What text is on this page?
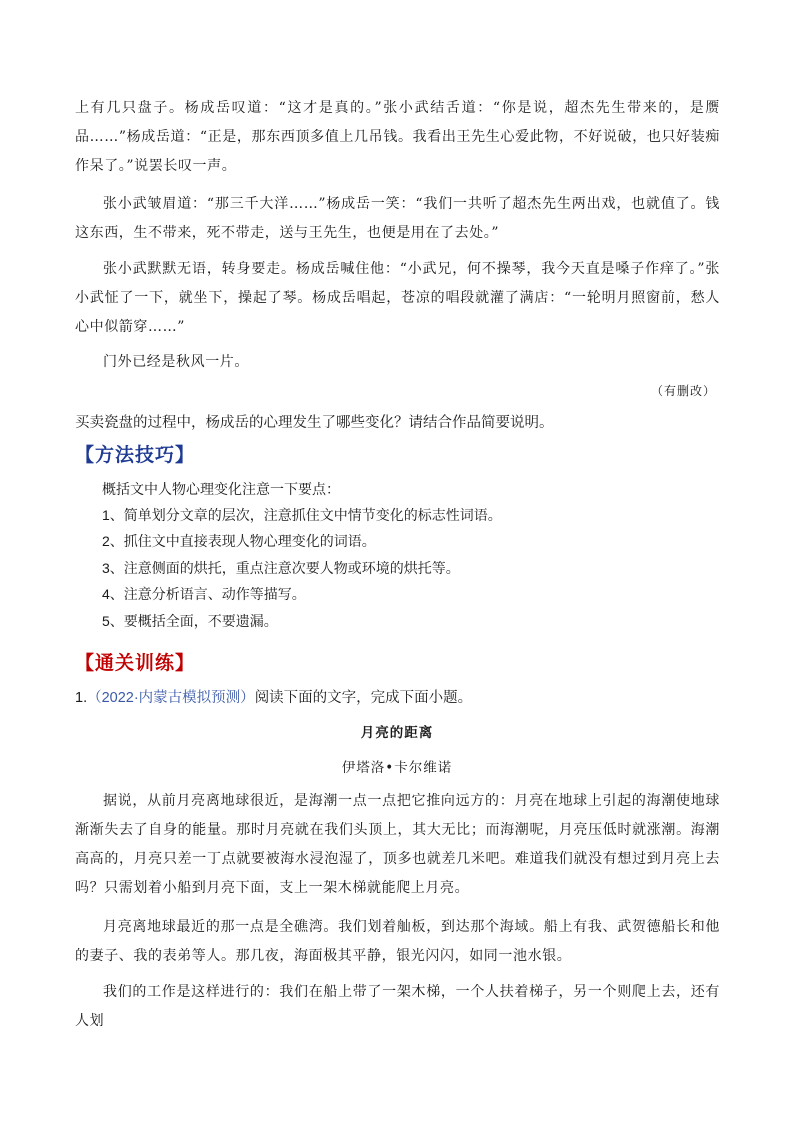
上有几只盘子。杨成岳叹道：“这才是真的。”张小武结舌道：“你是说，超杰先生带来的，是赝品……”杨成岳道：“正是，那东西顶多值上几吊钱。我看出王先生心爱此物，不好说破，也只好装痴作呆了。”说罢长叹一声。
张小武皱眉道：“那三千大洋……”杨成岳一笑：“我们一共听了超杰先生两出戏，也就值了。钱这东西，生不带来，死不带走，送与王先生，也便是用在了去处。”
张小武默默无语，转身要走。杨成岳喊住他：“小武兄，何不操琴，我今天直是嗓子作痒了。”张小武怔了一下，就坐下，操起了琴。杨成岳唱起，苍凉的唱段就灌了满店：“一轮明月照窗前，愁人心中似箭穿……”
门外已经是秋风一片。
（有删改）
买卖瓷盘的过程中，杨成岳的心理发生了哪些变化？请结合作品简要说明。
【方法技巧】
概括文中人物心理变化注意一下要点：
1、简单划分文章的层次，注意抓住文中情节变化的标志性词语。
2、抓住文中直接表现人物心理变化的词语。
3、注意侧面的烘托，重点注意次要人物或环境的烘托等。
4、注意分析语言、动作等描写。
5、要概括全面，不要遗漏。
【通关训练】
1.（2022·内蒙古模拟预测）阅读下面的文字，完成下面小题。
月亮的距离
伊塔洛•卡尔维诺
据说，从前月亮离地球很近，是海潮一点一点把它推向远方的：月亮在地球上引起的海潮使地球渐渐失去了自身的能量。那时月亮就在我们头顶上，其大无比；而海潮呢，月亮压低时就涨潮。海潮高高的，月亮只差一丁点就要被海水浸泡湿了，顶多也就差几米吧。难道我们就没有想过到月亮上去吗？只需划着小船到月亮下面，支上一架木梯就能爬上月亮。
月亮离地球最近的那一点是全礁湾。我们划着舢板，到达那个海域。船上有我、武贺德船长和他的妻子、我的表弟等人。那几夜，海面极其平静，银光闪闪，如同一池水银。
我们的工作是这样进行的：我们在船上带了一架木梯，一个人扶着梯子，另一个则爬上去，还有人划
